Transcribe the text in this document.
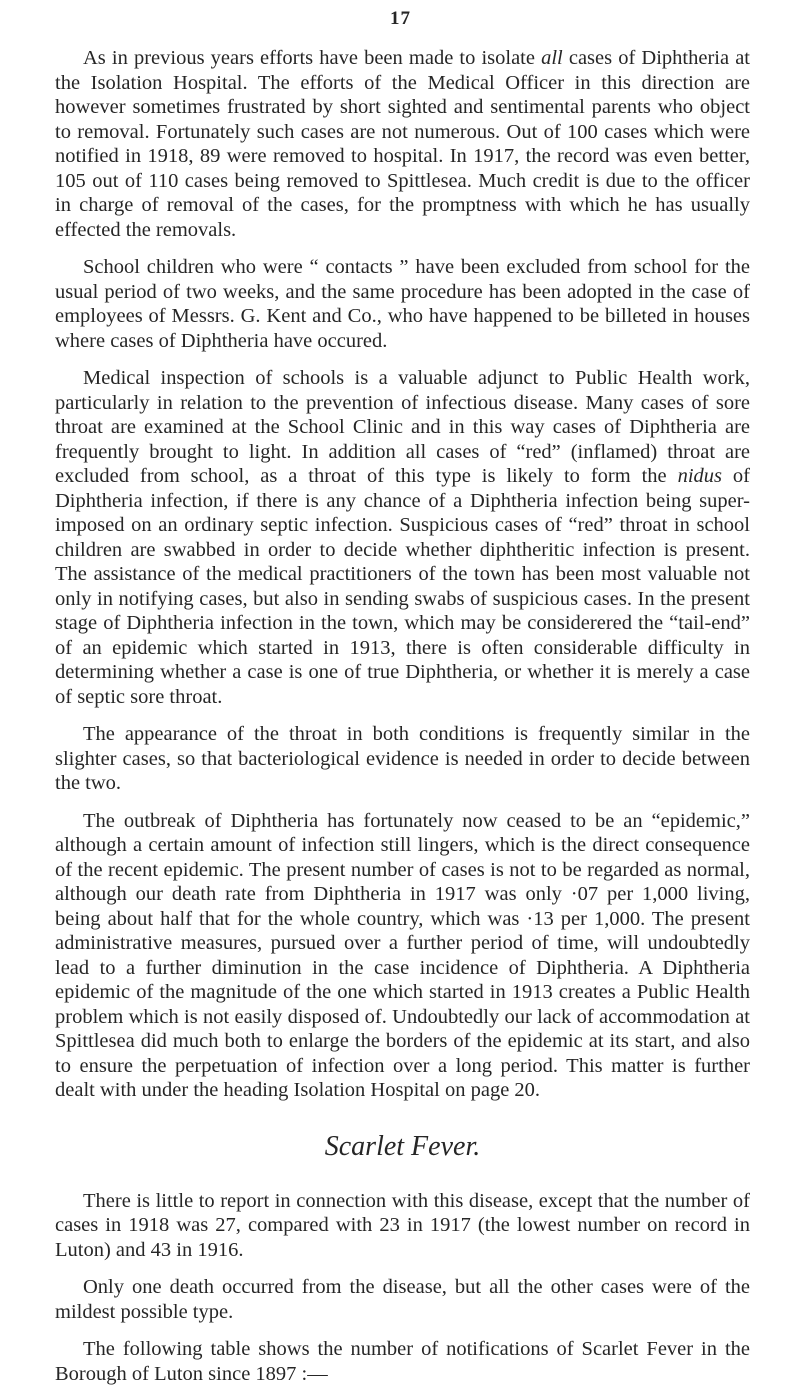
17

As in previous years efforts have been made to isolate all cases of Diphtheria at the Isolation Hospital. The efforts of the Medical Officer in this direction are however sometimes frustrated by short sighted and sentimental parents who object to removal. Fortunately such cases are not numerous. Out of 100 cases which were notified in 1918, 89 were removed to hospital. In 1917, the record was even better, 105 out of 110 cases being removed to Spittlesea. Much credit is due to the officer in charge of removal of the cases, for the promptness with which he has usually effected the removals.

School children who were “ contacts ” have been excluded from school for the usual period of two weeks, and the same procedure has been adopted in the case of employees of Messrs. G. Kent and Co., who have happened to be billeted in houses where cases of Diphtheria have occured.

Medical inspection of schools is a valuable adjunct to Public Health work, particularly in relation to the prevention of infectious disease. Many cases of sore throat are examined at the School Clinic and in this way cases of Diphtheria are frequently brought to light. In addition all cases of “red” (inflamed) throat are excluded from school, as a throat of this type is likely to form the nidus of Diphtheria infection, if there is any chance of a Diphtheria infection being super-imposed on an ordinary septic infection. Suspicious cases of “red” throat in school children are swabbed in order to decide whether diphtheritic infection is present. The assistance of the medical practitioners of the town has been most valuable not only in notifying cases, but also in sending swabs of suspicious cases. In the present stage of Diphtheria infection in the town, which may be considerered the “tail-end” of an epidemic which started in 1913, there is often considerable difficulty in determining whether a case is one of true Diphtheria, or whether it is merely a case of septic sore throat.

The appearance of the throat in both conditions is frequently similar in the slighter cases, so that bacteriological evidence is needed in order to decide between the two.

The outbreak of Diphtheria has fortunately now ceased to be an “epidemic,” although a certain amount of infection still lingers, which is the direct consequence of the recent epidemic. The present number of cases is not to be regarded as normal, although our death rate from Diphtheria in 1917 was only ·07 per 1,000 living, being about half that for the whole country, which was ·13 per 1,000. The present administrative measures, pursued over a further period of time, will undoubtedly lead to a further diminution in the case incidence of Diphtheria. A Diphtheria epidemic of the magnitude of the one which started in 1913 creates a Public Health problem which is not easily disposed of. Undoubtedly our lack of accommodation at Spittlesea did much both to enlarge the borders of the epidemic at its start, and also to ensure the perpetuation of infection over a long period. This matter is further dealt with under the heading Isolation Hospital on page 20.

Scarlet Fever.

There is little to report in connection with this disease, except that the number of cases in 1918 was 27, compared with 23 in 1917 (the lowest number on record in Luton) and 43 in 1916.

Only one death occurred from the disease, but all the other cases were of the mildest possible type.

The following table shows the number of notifications of Scarlet Fever in the Borough of Luton since 1897 :—
